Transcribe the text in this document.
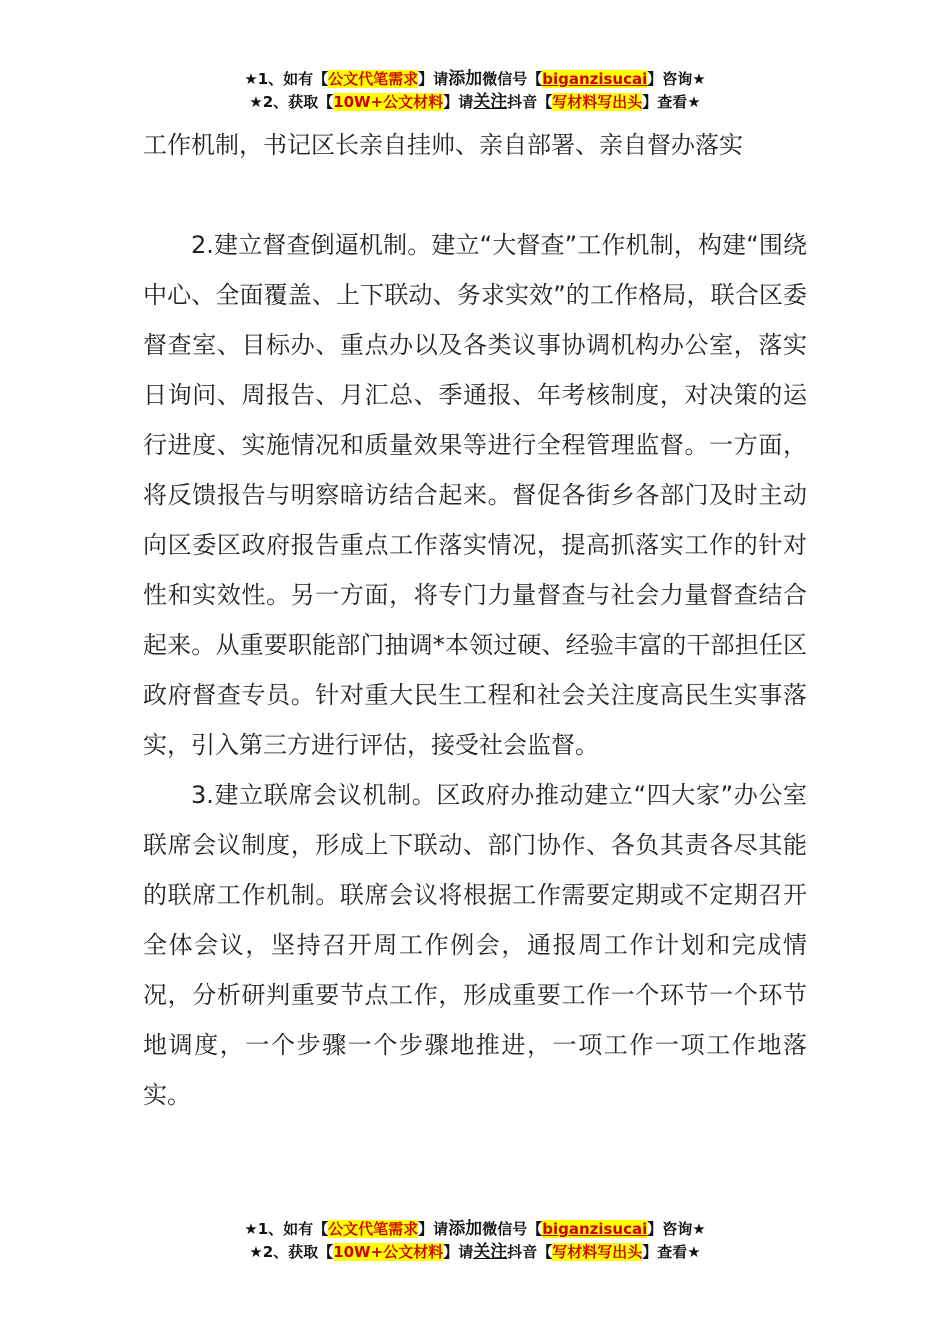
★1、如有【公文代笔需求】请添加微信号【biganzisucai】咨询★
★2、获取【10W+公文材料】请关注抖音【写材料写出头】查看★

工作机制，书记区长亲自挂帅、亲自部署、亲自督办落实

2.建立督查倒逼机制。建立“大督查”工作机制，构建“围绕中心、全面覆盖、上下联动、务求实效”的工作格局，联合区委督查室、目标办、重点办以及各类议事协调机构办公室，落实日询问、周报告、月汇总、季通报、年考核制度，对决策的运行进度、实施情况和质量效果等进行全程管理监督。一方面，将反馈报告与明察暗访结合起来。督促各街乡各部门及时主动向区委区政府报告重点工作落实情况，提高抓落实工作的针对性和实效性。另一方面，将专门力量督查与社会力量督查结合起来。从重要职能部门抽调*本领过硬、经验丰富的干部担任区政府督查专员。针对重大民生工程和社会关注度高民生实事落实，引入第三方进行评估，接受社会监督。

3.建立联席会议机制。区政府办推动建立“四大家”办公室联席会议制度，形成上下联动、部门协作、各负其责各尽其能的联席工作机制。联席会议将根据工作需要定期或不定期召开全体会议，坚持召开周工作例会，通报周工作计划和完成情况，分析研判重要节点工作，形成重要工作一个环节一个环节地调度，一个步骤一个步骤地推进，一项工作一项工作地落实。

★1、如有【公文代笔需求】请添加微信号【biganzisucai】咨询★
★2、获取【10W+公文材料】请关注抖音【写材料写出头】查看★
